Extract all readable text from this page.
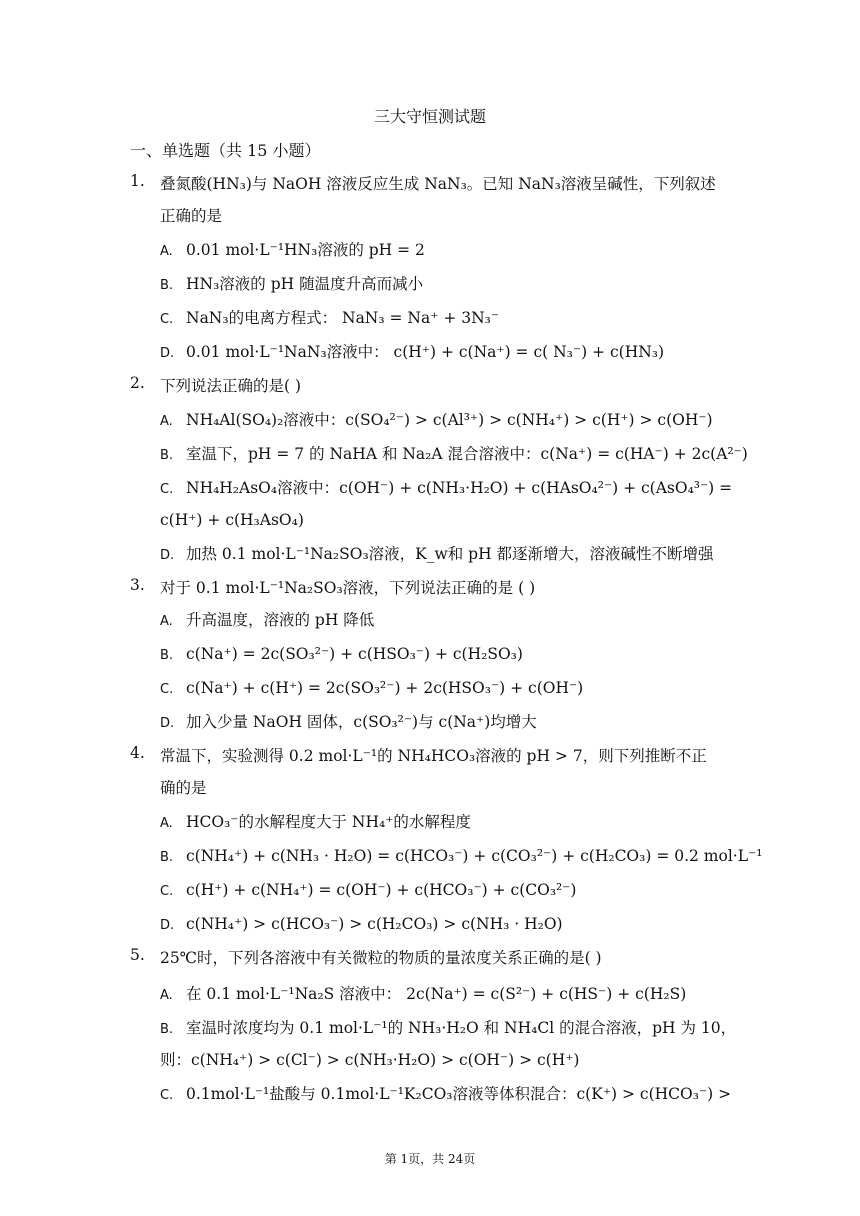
三大守恒测试题
一、单选题（共 15 小题）
1. 叠氮酸(HN₃)与 NaOH 溶液反应生成 NaN₃。已知 NaN₃溶液呈碱性，下列叙述
正确的是
A. 0.01 mol·L⁻¹HN₃溶液的 pH = 2
B. HN₃溶液的 pH 随温度升高而减小
C. NaN₃的电离方程式： NaN₃ = Na⁺ + 3N₃⁻
D. 0.01 mol·L⁻¹NaN₃溶液中： c(H⁺) + c(Na⁺) = c( N₃⁻) + c(HN₃)
2. 下列说法正确的是( )
A. NH₄Al(SO₄)₂溶液中：c(SO₄²⁻) > c(Al³⁺) > c(NH₄⁺) > c(H⁺) > c(OH⁻)
B. 室温下，pH = 7 的 NaHA 和 Na₂A 混合溶液中：c(Na⁺) = c(HA⁻) + 2c(A²⁻)
C. NH₄H₂AsO₄溶液中：c(OH⁻) + c(NH₃·H₂O) + c(HAsO₄²⁻) + c(AsO₄³⁻) =
c(H⁺) + c(H₃AsO₄)
D. 加热 0.1 mol·L⁻¹Na₂SO₃溶液，K_w和 pH 都逐渐增大，溶液碱性不断增强
3. 对于 0.1 mol·L⁻¹Na₂SO₃溶液，下列说法正确的是 ( )
A. 升高温度，溶液的 pH 降低
B. c(Na⁺) = 2c(SO₃²⁻) + c(HSO₃⁻) + c(H₂SO₃)
C. c(Na⁺) + c(H⁺) = 2c(SO₃²⁻) + 2c(HSO₃⁻) + c(OH⁻)
D. 加入少量 NaOH 固体，c(SO₃²⁻)与 c(Na⁺)均增大
4. 常温下，实验测得 0.2 mol·L⁻¹的 NH₄HCO₃溶液的 pH > 7，则下列推断不正
确的是
A. HCO₃⁻的水解程度大于 NH₄⁺的水解程度
B. c(NH₄⁺) + c(NH₃ · H₂O) = c(HCO₃⁻) + c(CO₃²⁻) + c(H₂CO₃) = 0.2 mol·L⁻¹
C. c(H⁺) + c(NH₄⁺) = c(OH⁻) + c(HCO₃⁻) + c(CO₃²⁻)
D. c(NH₄⁺) > c(HCO₃⁻) > c(H₂CO₃) > c(NH₃ · H₂O)
5. 25℃时，下列各溶液中有关微粒的物质的量浓度关系正确的是( )
A. 在 0.1 mol·L⁻¹Na₂S 溶液中： 2c(Na⁺) = c(S²⁻) + c(HS⁻) + c(H₂S)
B. 室温时浓度均为 0.1 mol·L⁻¹的 NH₃·H₂O 和 NH₄Cl 的混合溶液，pH 为 10，
则：c(NH₄⁺) > c(Cl⁻) > c(NH₃·H₂O) > c(OH⁻) > c(H⁺)
C. 0.1mol·L⁻¹盐酸与 0.1mol·L⁻¹K₂CO₃溶液等体积混合：c(K⁺) > c(HCO₃⁻) >
第 1页，共 24页
